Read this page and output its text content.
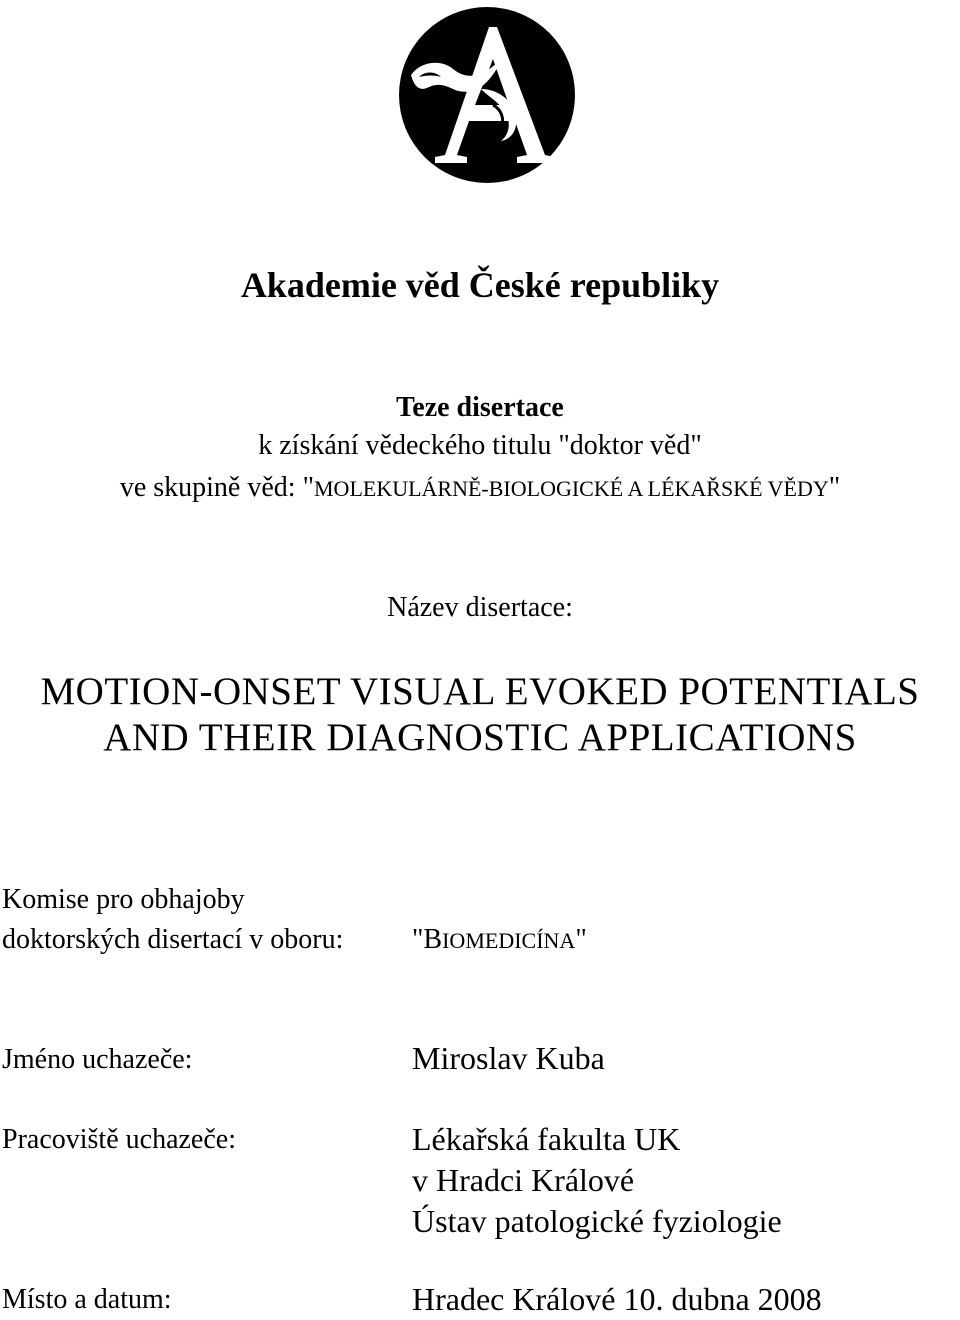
Akademie věd České republiky
Teze disertace
k získání vědeckého titulu "doktor věd"
ve skupině věd: "MOLEKULÁRNĚ-BIOLOGICKÉ A LÉKAŘSKÉ VĚDY"
Název disertace:
MOTION-ONSET VISUAL EVOKED POTENTIALS
AND THEIR DIAGNOSTIC APPLICATIONS
Komise pro obhajoby
doktorských disertací v oboru: "BIOMEDICÍNA"
Jméno uchazeče:	Miroslav Kuba
Pracoviště uchazeče:	Lékařská fakulta UK
v Hradci Králové
Ústav patologické fyziologie
Místo a datum:	Hradec Králové 10. dubna 2008
